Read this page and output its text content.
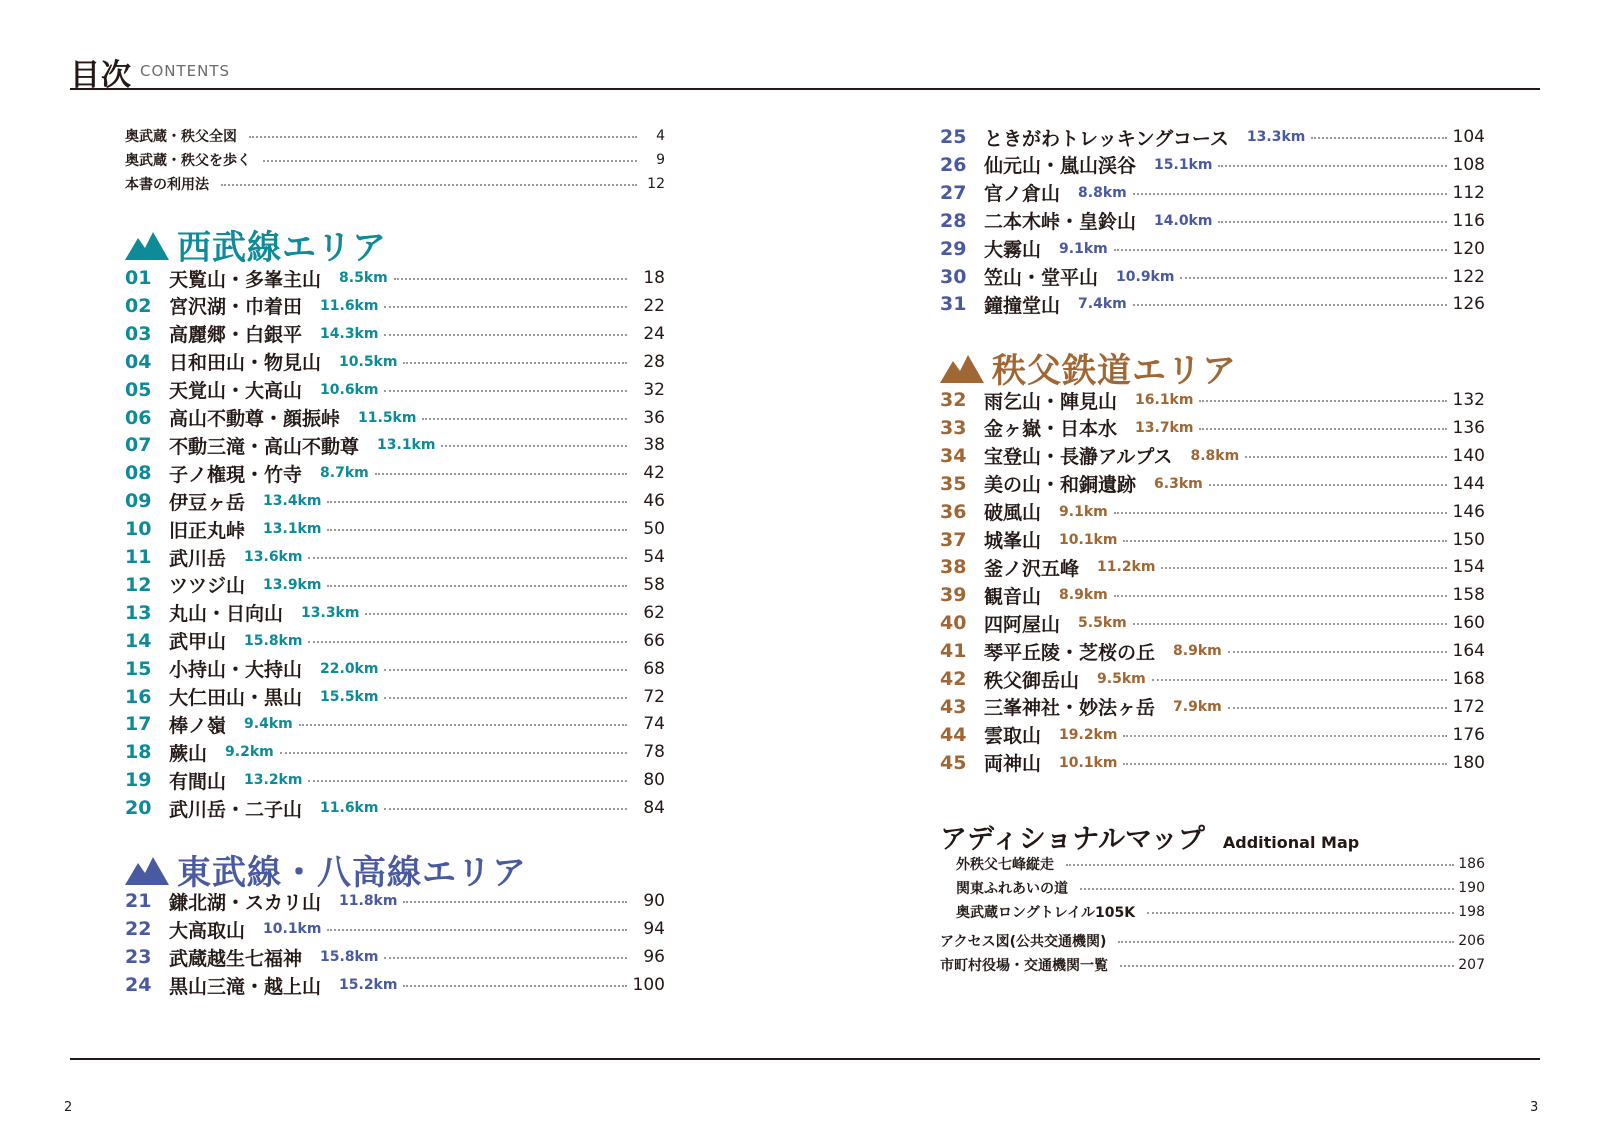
目次 CONTENTS
奥武蔵・秩父全図	4
奥武蔵・秩父を歩く	9
本書の利用法	12
西武線エリア
01 天覧山・多峯主山	8.5km	18
02 宮沢湖・巾着田	11.6km	22
03 高麗郷・白銀平	14.3km	24
04 日和田山・物見山	10.5km	28
05 天覚山・大高山	10.6km	32
06 高山不動尊・顔振峠	11.5km	36
07 不動三滝・高山不動尊	13.1km	38
08 子ノ権現・竹寺	8.7km	42
09 伊豆ヶ岳	13.4km	46
10 旧正丸峠	13.1km	50
11 武川岳	13.6km	54
12 ツツジ山	13.9km	58
13 丸山・日向山	13.3km	62
14 武甲山	15.8km	66
15 小持山・大持山	22.0km	68
16 大仁田山・黒山	15.5km	72
17 棒ノ嶺	9.4km	74
18 蕨山	9.2km	78
19 有間山	13.2km	80
20 武川岳・二子山	11.6km	84
東武線・八高線エリア
21 鎌北湖・スカリ山	11.8km	90
22 大高取山	10.1km	94
23 武蔵越生七福神	15.8km	96
24 黒山三滝・越上山	15.2km	100
25 ときがわトレッキングコース	13.3km	104
26 仙元山・嵐山渓谷	15.1km	108
27 官ノ倉山	8.8km	112
28 二本木峠・皇鈴山	14.0km	116
29 大霧山	9.1km	120
30 笠山・堂平山	10.9km	122
31 鐘撞堂山	7.4km	126
秩父鉄道エリア
32 雨乞山・陣見山	16.1km	132
33 金ヶ嶽・日本水	13.7km	136
34 宝登山・長瀞アルプス	8.8km	140
35 美の山・和銅遺跡	6.3km	144
36 破風山	9.1km	146
37 城峯山	10.1km	150
38 釜ノ沢五峰	11.2km	154
39 観音山	8.9km	158
40 四阿屋山	5.5km	160
41 琴平丘陵・芝桜の丘	8.9km	164
42 秩父御岳山	9.5km	168
43 三峯神社・妙法ヶ岳	7.9km	172
44 雲取山	19.2km	176
45 両神山	10.1km	180
アディショナルマップ Additional Map
外秩父七峰縦走	186
関東ふれあいの道	190
奥武蔵ロングトレイル105K	198
アクセス図(公共交通機関)	206
市町村役場・交通機関一覧	207
2	3
